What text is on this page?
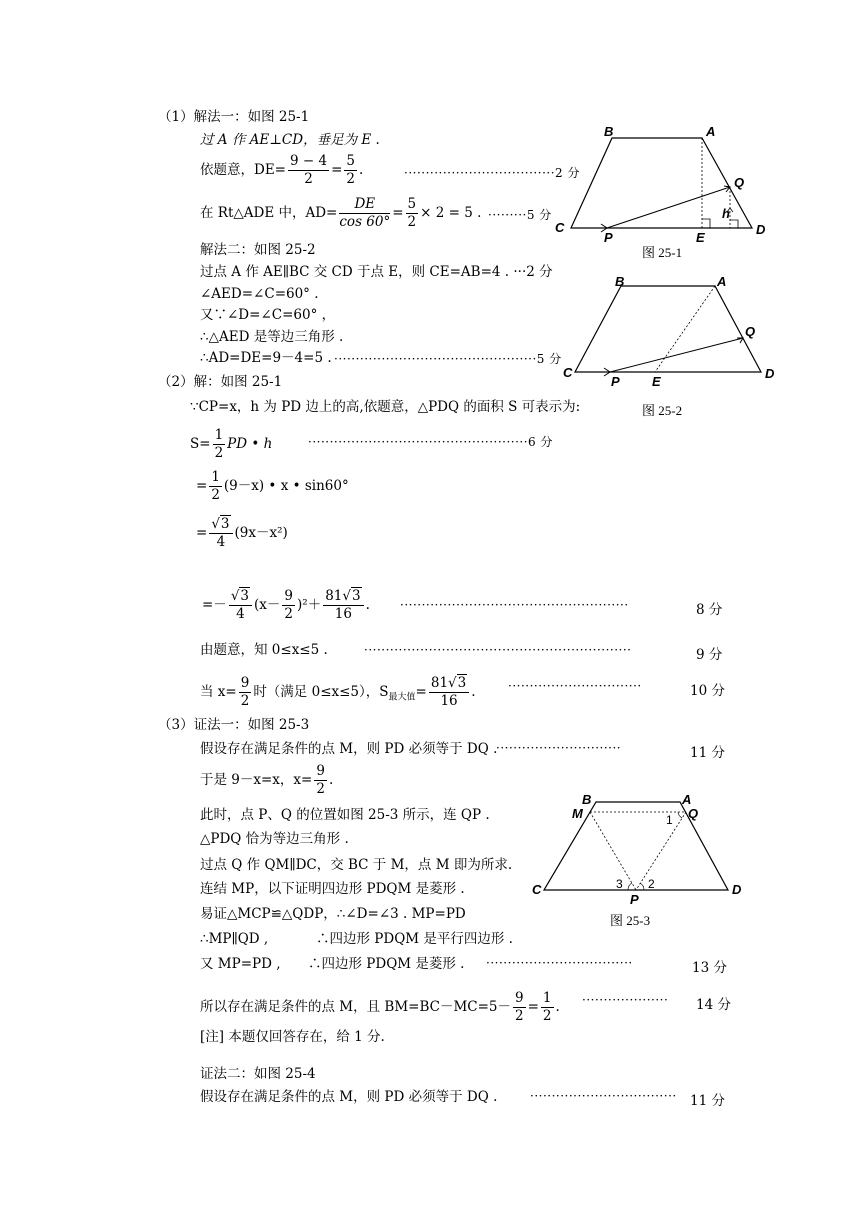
（1）解法一：如图 25-1
过 A 作 AE⊥CD，垂足为 E .
依题意，$DE= \frac{9 - 4}{2} = \frac{5}{2}$ .	···································2 分
在 Rt△ADE 中，$AD= \frac{DE}{\cos 60^\circ} = \frac{5}{2} \times 2 = 5$ . ·········5 分
解法二：如图 25-2
过点 A 作 AE∥BC 交 CD 于点 E，则 CE=AB=4 . ···2 分
∠AED=∠C=60° .
又∵∠D=∠C=60° ，
∴△AED 是等边三角形 .
∴AD=DE=9－4=5 . ···············································5 分
（2）解：如图 25-1
∵CP=x，h 为 PD 边上的高,依题意，△PDQ 的面积 S 可表示为:
$S= \frac{1}{2}$ PD • h	···················································6 分
= $\frac{1}{2} (9-x)$ • x • sin60°
= $\frac{√3}{4} (9x-x^2)$
=－ $\frac{√3}{4} (x- \frac{9}{2} )^2+ \frac{81√3}{16}$ .	·····················································	8 分
由题意，知 0≤x≤5 .	······························································	9 分
当 $x= \frac{9}{2}$ 时（满足 0≤x≤5），$S_{最大值}= \frac{81√3}{16}$ .	·······························	10 分
（3）证法一：如图 25-3
假设存在满足条件的点 M，则 PD 必须等于 DQ .
·····························	11 分
于是 9－x=x，$x= \frac{9}{2}$ .
此时，点 P、Q 的位置如图 25-3 所示，连 QP .
△PDQ 恰为等边三角形 .
过点 Q 作 QM∥DC，交 BC 于 M，点 M 即为所求.
连结 MP，以下证明四边形 PDQM 是菱形 .
易证△MCP≌△QDP，∴∠D=∠3 . MP=PD
∴MP∥QD ,	∴四边形 PDQM 是平行四边形 .
又 MP=PD , ∴四边形 PDQM 是菱形 . ··································	13 分
所以存在满足条件的点 M，且 $BM=BC-MC=5- \frac{9}{2} = \frac{1}{2}$ . ···················· 14 分
[注] 本题仅回答存在，给 1 分.
证法二：如图 25-4
假设存在满足条件的点 M，则 PD 必须等于 DQ .	·································· 11 分
B	A
Q
h
C
P	E
D
图 25-1
B	A
Q
C
P E
D
图 25-2
B	A
M	Q
1
3 2
C
P
D
图 25-3
